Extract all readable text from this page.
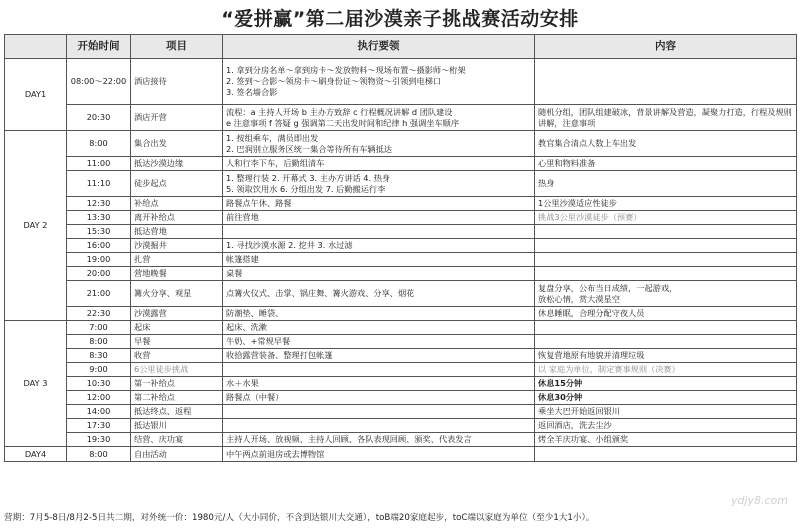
“爱拼赢”第二届沙漠亲子挑战赛活动安排
	开始时间	项目	执行要领	内容
DAY1	08:00～22:00	酒店接待	1. 拿到分房名单～拿到房卡～发放物料～现场布置～摄影师～桁架
2. 签到～合影～领房卡～刷身份证～领物资～引领到电梯口
3. 签名墙合影	
	20:30	酒店开营	流程：a 主持人开场 b 主办方致辞 c 行程概况讲解 d 团队建设
e 注意事项 f 答疑 g 强调第二天出发时间和纪律 h 强调坐车顺序	随机分组，团队组建破冰，背景讲解及营造，凝聚力打造，行程及规则讲解，注意事项
DAY 2	8:00	集合出发	1. 按组乘车，满员即出发
2. 巴润别立服务区统一集合等待所有车辆抵达	教官集合清点人数上车出发
	11:00	抵达沙漠边缘	人和行李下车，后勤组清车	心里和物料准备
	11:10	徒步起点	1. 整理行装 2. 开幕式 3. 主办方讲话 4. 热身
5. 领取饮用水 6. 分组出发 7. 后勤搬运行李	热身
	12:30	补给点	路餐点午休、路餐	1公里沙漠适应性徒步
	13:30	离开补给点	前往营地	挑战3公里沙漠徒步（预赛）
	15:30	抵达营地		
	16:00	沙漠掘井	1. 寻找沙漠水源 2. 挖井 3. 水过滤	
	19:00	扎营	帐篷搭建	
	20:00	营地晚餐	桌餐	
	21:00	篝火分享、观星	点篝火仪式、击掌、锅庄舞、篝火游戏、分享、烟花	复盘分享，公布当日成绩，一起游戏，
放松心情，赏大漠星空
	22:30	沙漠露营	防潮垫、睡袋、	休息睡眠，合理分配守夜人员
DAY 3	7:00	起床	起床、洗漱	
	8:00	早餐	牛奶、+常规早餐	
	8:30	收营	收拾露营装备、整理打包帐篷	恢复营地原有地貌并清理垃圾
	9:00	6公里徒步挑战		以 家庭为单位，制定赛事规则（决赛）
	10:30	第一补给点	水＋水果	休息15分钟
	12:00	第二补给点	路餐点（中餐）	休息30分钟
	14:00	抵达终点、返程		乘坐大巴开始返回银川
	17:30	抵达银川		返回酒店，洗去尘沙
	19:30	结营、庆功宴	主持人开场、放视频、主持人回顾、各队表现回顾、颁奖、代表发言	烤全羊庆功宴、小组颁奖
DAY4	8:00	自由活动	中午两点前退房或去博物馆	
ydjy8.com
营期：7月5-8日/8月2-5日共二期，对外统一价：1980元/人（大小同价，不含到达银川大交通），toB端20家庭起步，toC端以家庭为单位（至少1大1小）。
